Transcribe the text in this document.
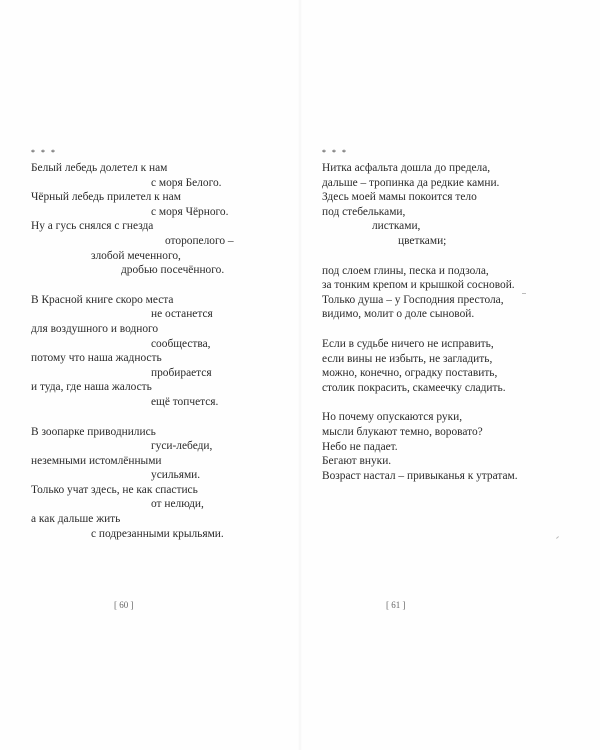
* * *
Белый лебедь долетел к нам
с моря Белого.
Чёрный лебедь прилетел к нам
с моря Чёрного.
Ну а гусь снялся с гнезда
оторопелого –
злобой меченного,
дробью посечённого.
В Красной книге скоро места
не останется
для воздушного и водного
сообщества,
потому что наша жадность
пробирается
и туда, где наша жалость
ещё топчется.
В зоопарке приводнились
гуси-лебеди,
неземными истомлёнными
усильями.
Только учат здесь, не как спастись
от нелюди,
а как дальше жить
с подрезанными крыльями.
[ 60 ]
* * *
Нитка асфальта дошла до предела,
дальше – тропинка да редкие камни.
Здесь моей мамы покоится тело
под стебельками,
листками,
цветками;
под слоем глины, песка и подзола,
за тонким крепом и крышкой сосновой.
Только душа – у Господния престола,
видимо, молит о доле сыновой.
Если в судьбе ничего не исправить,
если вины не избыть, не загладить,
можно, конечно, оградку поставить,
столик покрасить, скамеечку сладить.
Но почему опускаются руки,
мысли блукают темно, воровато?
Небо не падает.
Бегают внуки.
Возраст настал – привыканья к утратам.
[ 61 ]
